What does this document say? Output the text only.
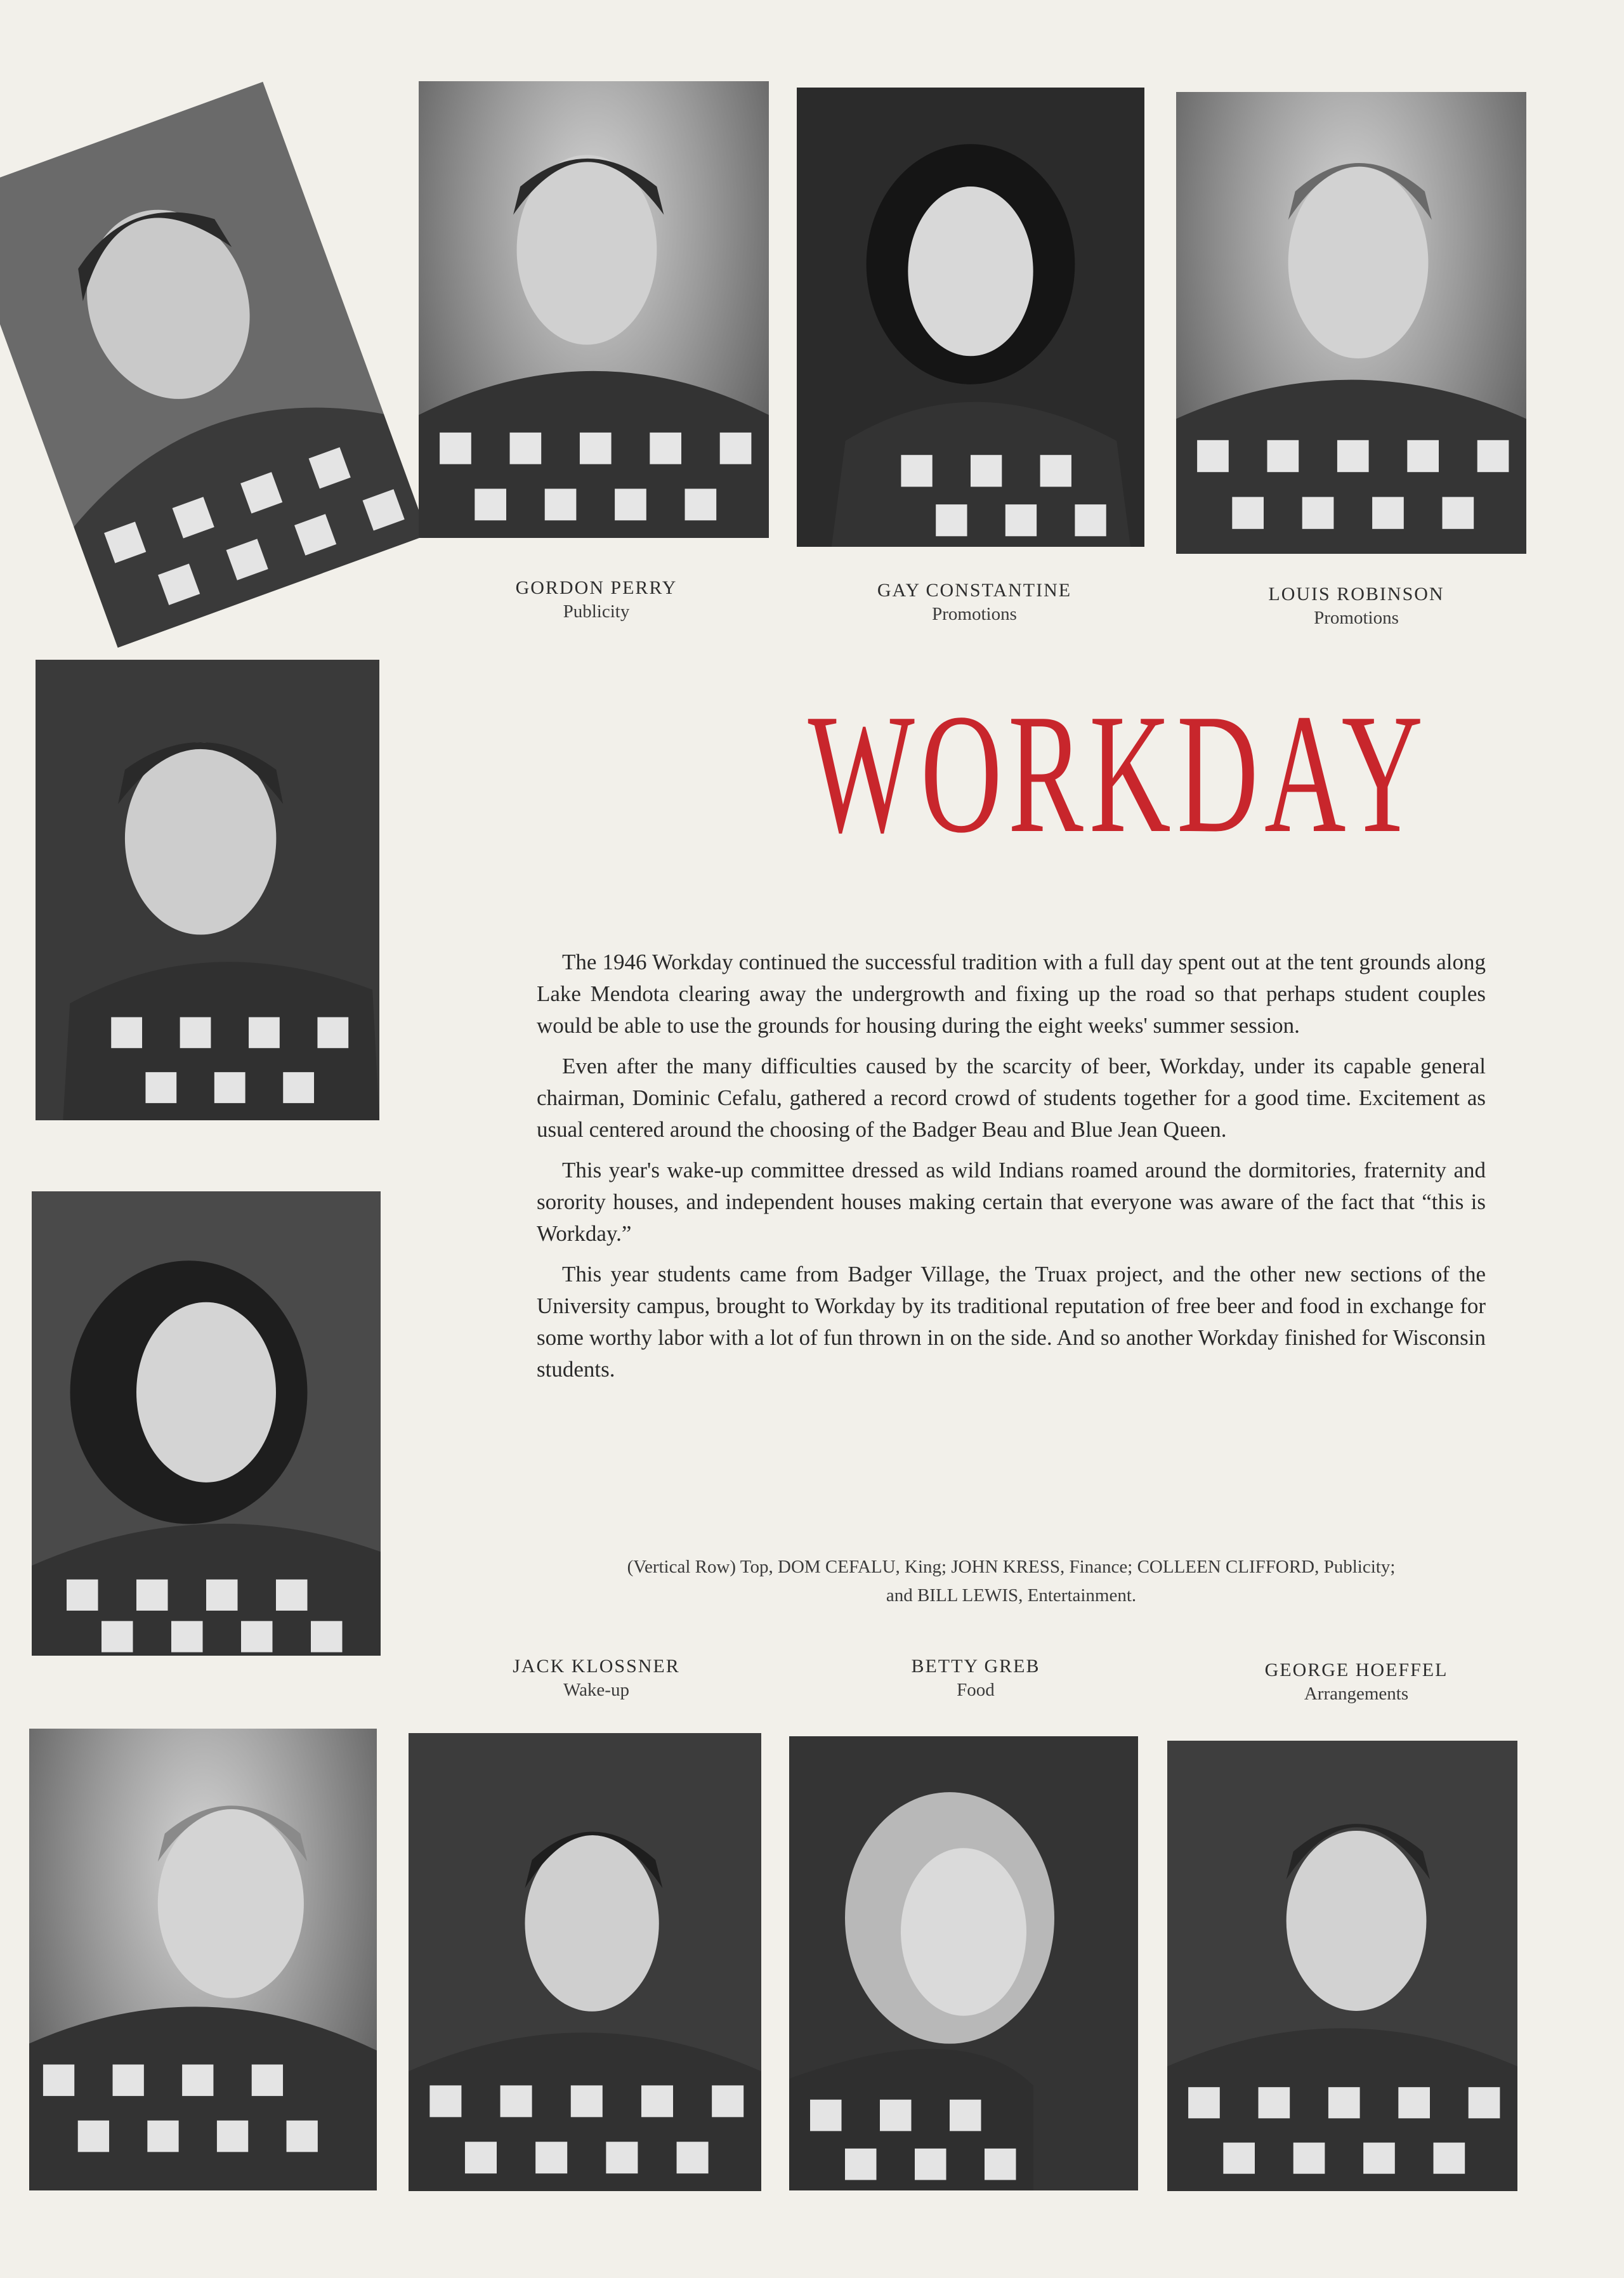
GORDON PERRY
Publicity
GAY CONSTANTINE
Promotions
LOUIS ROBINSON
Promotions
WORKDAY

The 1946 Workday continued the successful tradition with a full day spent out at the tent grounds along Lake Mendota clearing away the undergrowth and fixing up the road so that perhaps student couples would be able to use the grounds for housing during the eight weeks' summer session.

Even after the many difficulties caused by the scarcity of beer, Workday, under its capable general chairman, Dominic Cefalu, gathered a record crowd of students together for a good time. Excitement as usual centered around the choosing of the Badger Beau and Blue Jean Queen.

This year's wake-up committee dressed as wild Indians roamed around the dormitories, fraternity and sorority houses, and independent houses making certain that everyone was aware of the fact that “this is Workday.”

This year students came from Badger Village, the Truax project, and the other new sections of the University campus, brought to Workday by its traditional reputation of free beer and food in exchange for some worthy labor with a lot of fun thrown in on the side. And so another Workday finished for Wisconsin students.

(Vertical Row) Top, DOM CEFALU, King; JOHN KRESS, Finance; COLLEEN CLIFFORD, Publicity;
and BILL LEWIS, Entertainment.
JACK KLOSSNER
Wake-up
BETTY GREB
Food
GEORGE HOEFFEL
Arrangements
